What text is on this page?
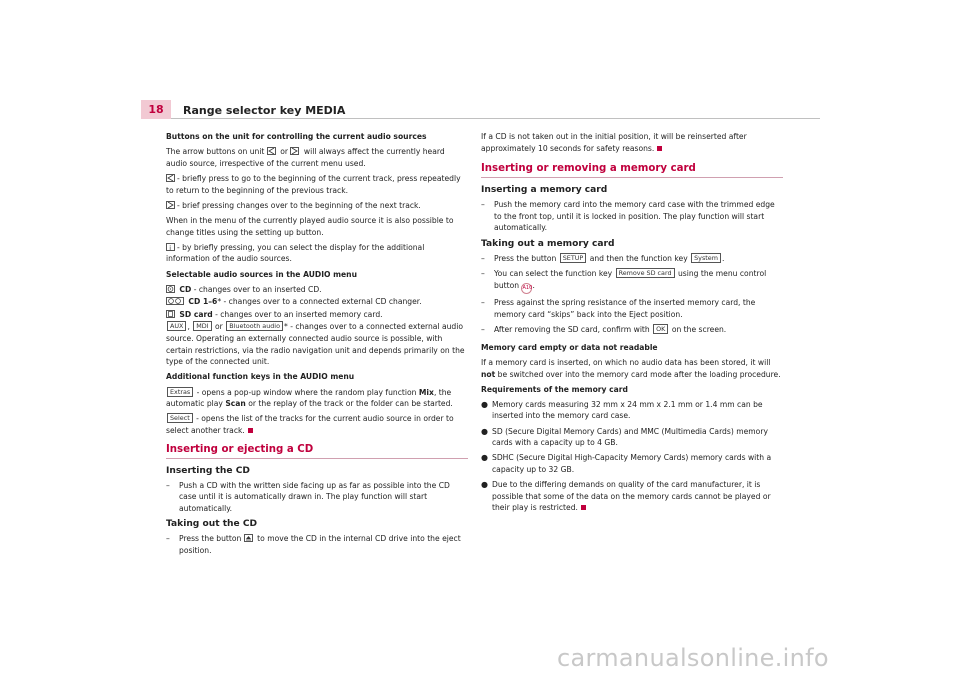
18	Range selector key MEDIA

Buttons on the unit for controlling the current audio sources

The arrow buttons on unit or will always affect the currently heard audio source, irrespective of the current menu used.

- briefly press to go to the beginning of the current track, press repeatedly to return to the beginning of the previous track.

- brief pressing changes over to the beginning of the next track.

When in the menu of the currently played audio source it is also possible to change titles using the setting up button.

i - by briefly pressing, you can select the display for the additional information of the audio sources.

Selectable audio sources in the AUDIO menu

CD - changes over to an inserted CD.

CD 1–6* - changes over to a connected external CD changer.

SD card - changes over to an inserted memory card.

AUX , MDI or Bluetooth audio * - changes over to a connected external audio source. Operating an externally connected audio source is possible, with certain restrictions, via the radio navigation unit and depends primarily on the type of the connected unit.

Additional function keys in the AUDIO menu

Extras - opens a pop-up window where the random play function Mix, the automatic play Scan or the replay of the track or the folder can be started.

Select - opens the list of the tracks for the current audio source in order to select another track.

Inserting or ejecting a CD
Inserting the CD

– Push a CD with the written side facing up as far as possible into the CD case until it is automatically drawn in. The play function will start automatically.

Taking out the CD

– Press the button to move the CD in the internal CD drive into the eject position.

If a CD is not taken out in the initial position, it will be reinserted after approximately 10 seconds for safety reasons.

Inserting or removing a memory card
Inserting a memory card

– Push the memory card into the memory card case with the trimmed edge to the front top, until it is locked in position. The play function will start automatically.

Taking out a memory card

– Press the button SETUP and then the function key System .

– You can select the function key Remove SD card using the menu control button A10.

– Press against the spring resistance of the inserted memory card, the memory card “skips” back into the Eject position.

– After removing the SD card, confirm with OK on the screen.

Memory card empty or data not readable

If a memory card is inserted, on which no audio data has been stored, it will not be switched over into the memory card mode after the loading procedure.

Requirements of the memory card

● Memory cards measuring 32 mm x 24 mm x 2.1 mm or 1.4 mm can be inserted into the memory card case.

● SD (Secure Digital Memory Cards) and MMC (Multimedia Cards) memory cards with a capacity up to 4 GB.

● SDHC (Secure Digital High-Capacity Memory Cards) memory cards with a capacity up to 32 GB.

● Due to the differing demands on quality of the card manufacturer, it is possible that some of the data on the memory cards cannot be played or their play is restricted.

carmanualsonline.info
